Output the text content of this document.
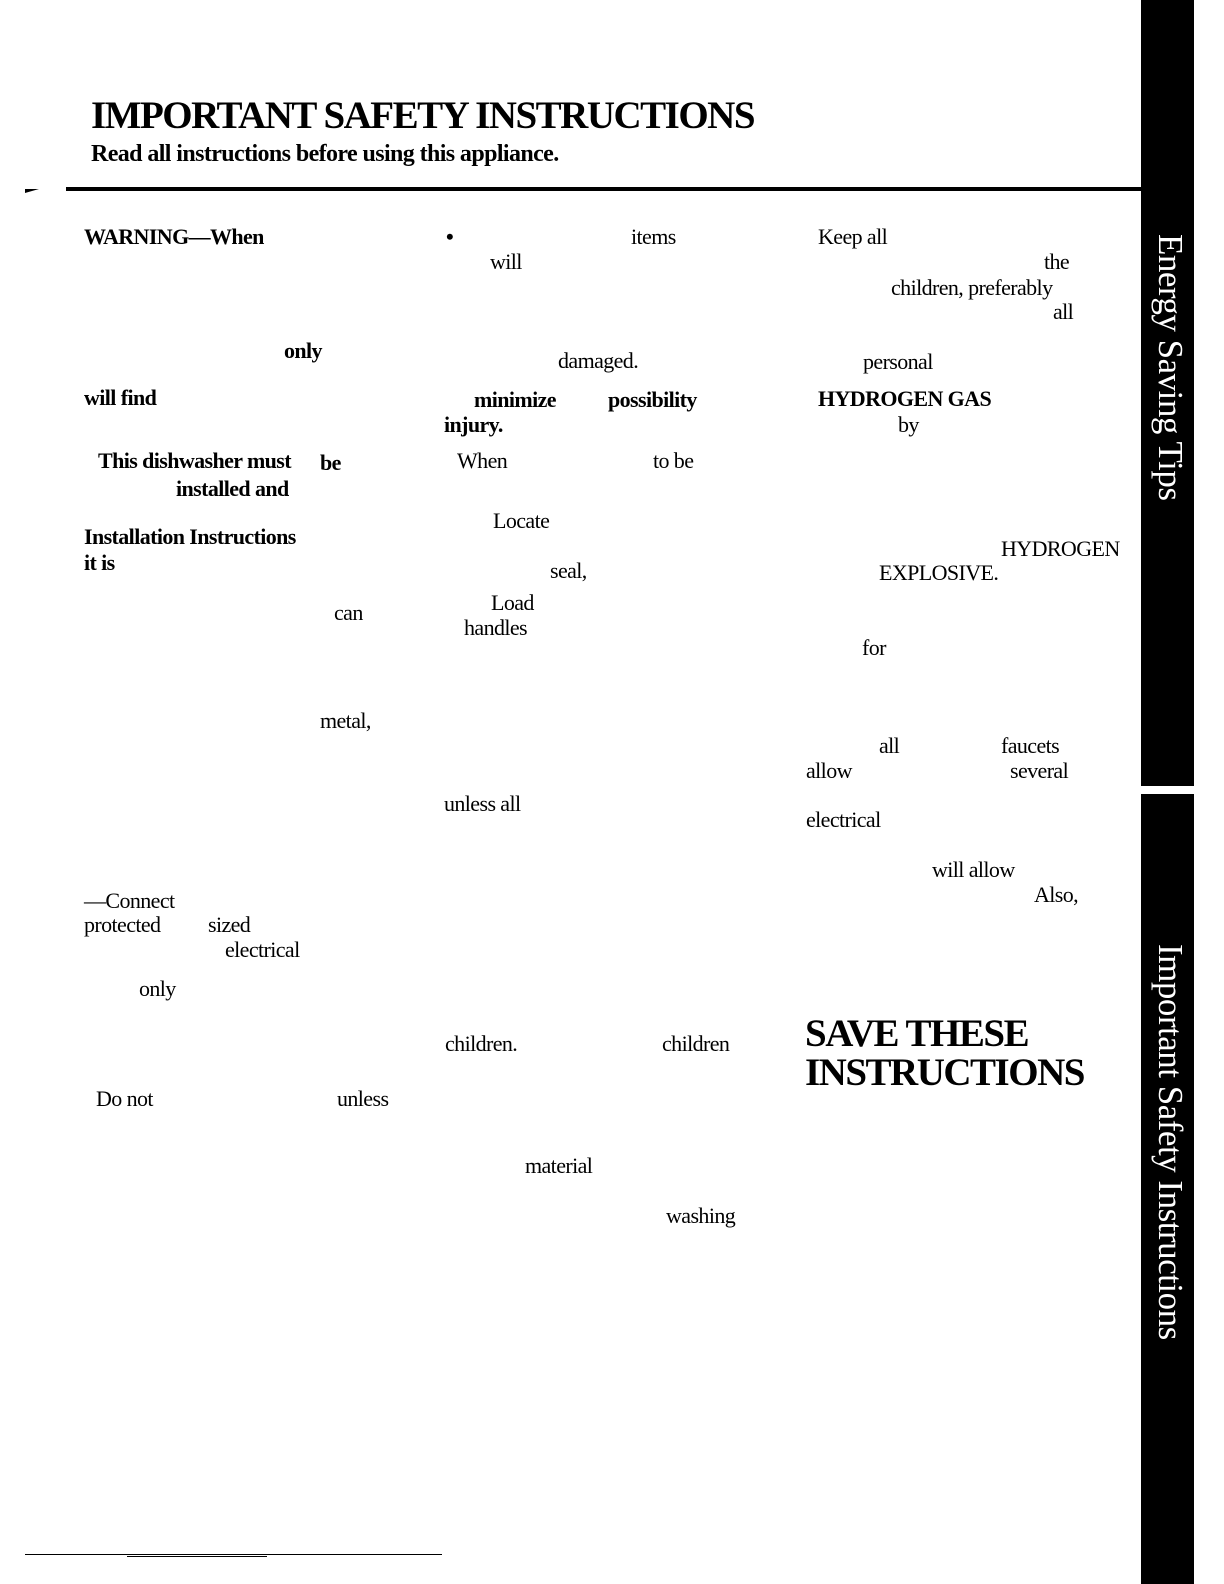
IMPORTANT SAFETY INSTRUCTIONS

Read all instructions before using this appliance.

WARNING—When
only
will find
This dishwasher must be
installed and
Installation Instructions
it is
can
metal,
—Connect
protected sized
electrical
only
Do not	unless
•	items
will
damaged.
minimize possibility
injury.
When	to be
Locate
seal,
Load
handles
unless all
children.	children
material
washing
Keep all
the
children, preferably
all
personal
HYDROGEN GAS
by
HYDROGEN
EXPLOSIVE.
for
all	faucets
allow	several
electrical
will allow
Also,
SAVE THESE
INSTRUCTIONS
Energy Saving Tips
Important Safety Instructions
